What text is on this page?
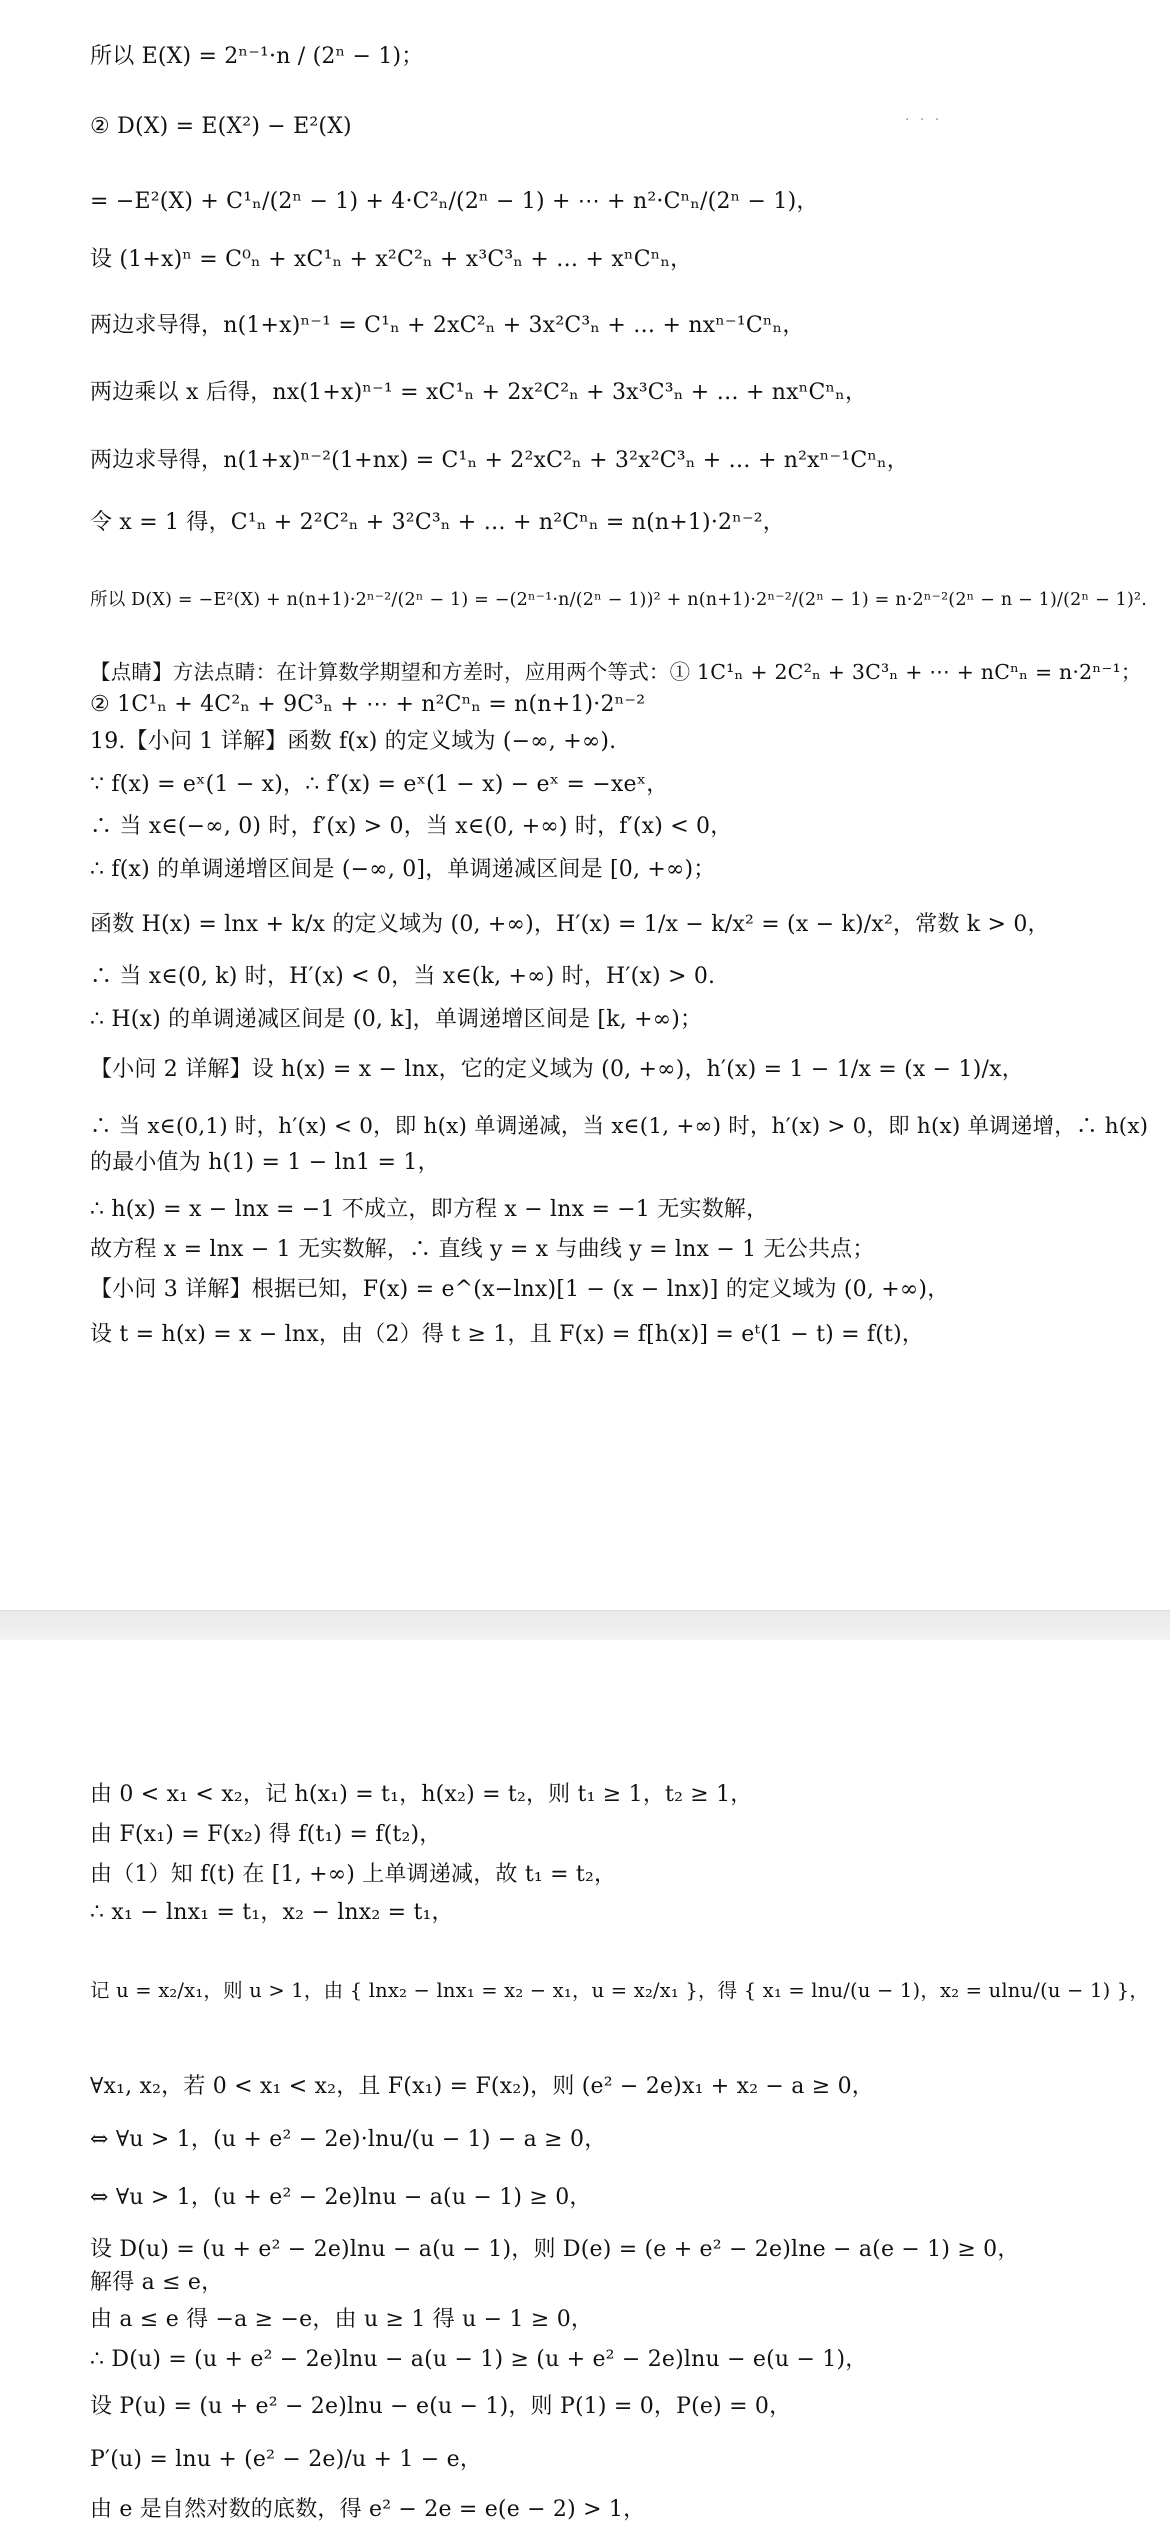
所以 E(X) = 2ⁿ⁻¹·n / (2ⁿ − 1)；
② D(X) = E(X²) − E²(X)	· · ·
= −E²(X) + C¹ₙ/(2ⁿ − 1) + 4·C²ₙ/(2ⁿ − 1) + ⋯ + n²·Cⁿₙ/(2ⁿ − 1)，
设 (1+x)ⁿ = C⁰ₙ + xC¹ₙ + x²C²ₙ + x³C³ₙ + … + xⁿCⁿₙ，
两边求导得，n(1+x)ⁿ⁻¹ = C¹ₙ + 2xC²ₙ + 3x²C³ₙ + … + nxⁿ⁻¹Cⁿₙ，
两边乘以 x 后得，nx(1+x)ⁿ⁻¹ = xC¹ₙ + 2x²C²ₙ + 3x³C³ₙ + … + nxⁿCⁿₙ，
两边求导得，n(1+x)ⁿ⁻²(1+nx) = C¹ₙ + 2²xC²ₙ + 3²x²C³ₙ + … + n²xⁿ⁻¹Cⁿₙ，
令 x = 1 得，C¹ₙ + 2²C²ₙ + 3²C³ₙ + … + n²Cⁿₙ = n(n+1)·2ⁿ⁻²，
所以 D(X) = −E²(X) + n(n+1)·2ⁿ⁻²/(2ⁿ − 1) = −(2ⁿ⁻¹·n/(2ⁿ − 1))² + n(n+1)·2ⁿ⁻²/(2ⁿ − 1) = n·2ⁿ⁻²(2ⁿ − n − 1)/(2ⁿ − 1)².
【点睛】方法点睛：在计算数学期望和方差时，应用两个等式：① 1C¹ₙ + 2C²ₙ + 3C³ₙ + ⋯ + nCⁿₙ = n·2ⁿ⁻¹；
② 1C¹ₙ + 4C²ₙ + 9C³ₙ + ⋯ + n²Cⁿₙ = n(n+1)·2ⁿ⁻²
19.【小问 1 详解】函数 f(x) 的定义域为 (−∞, +∞).
∵ f(x) = eˣ(1 − x)，∴ f′(x) = eˣ(1 − x) − eˣ = −xeˣ，
∴ 当 x∈(−∞, 0) 时，f′(x) > 0，当 x∈(0, +∞) 时，f′(x) < 0，
∴ f(x) 的单调递增区间是 (−∞, 0]，单调递减区间是 [0, +∞)；
函数 H(x) = lnx + k/x 的定义域为 (0, +∞)，H′(x) = 1/x − k/x² = (x − k)/x²，常数 k > 0，
∴ 当 x∈(0, k) 时，H′(x) < 0，当 x∈(k, +∞) 时，H′(x) > 0.
∴ H(x) 的单调递减区间是 (0, k]，单调递增区间是 [k, +∞)；
【小问 2 详解】设 h(x) = x − lnx，它的定义域为 (0, +∞)，h′(x) = 1 − 1/x = (x − 1)/x，
∴ 当 x∈(0,1) 时，h′(x) < 0，即 h(x) 单调递减，当 x∈(1, +∞) 时，h′(x) > 0，即 h(x) 单调递增，∴ h(x)
的最小值为 h(1) = 1 − ln1 = 1，
∴ h(x) = x − lnx = −1 不成立，即方程 x − lnx = −1 无实数解，
故方程 x = lnx − 1 无实数解，∴ 直线 y = x 与曲线 y = lnx − 1 无公共点；
【小问 3 详解】根据已知，F(x) = e^(x−lnx)[1 − (x − lnx)] 的定义域为 (0, +∞)，
设 t = h(x) = x − lnx，由（2）得 t ≥ 1，且 F(x) = f[h(x)] = eᵗ(1 − t) = f(t)，
由 0 < x₁ < x₂，记 h(x₁) = t₁，h(x₂) = t₂，则 t₁ ≥ 1，t₂ ≥ 1，
由 F(x₁) = F(x₂) 得 f(t₁) = f(t₂)，
由（1）知 f(t) 在 [1, +∞) 上单调递减，故 t₁ = t₂，
∴ x₁ − lnx₁ = t₁，x₂ − lnx₂ = t₁，
记 u = x₂/x₁，则 u > 1，由 { lnx₂ − lnx₁ = x₂ − x₁，u = x₂/x₁ }，得 { x₁ = lnu/(u − 1)，x₂ = ulnu/(u − 1) }，
∀x₁, x₂，若 0 < x₁ < x₂，且 F(x₁) = F(x₂)，则 (e² − 2e)x₁ + x₂ − a ≥ 0，
⇔ ∀u > 1，(u + e² − 2e)·lnu/(u − 1) − a ≥ 0，
⇔ ∀u > 1，(u + e² − 2e)lnu − a(u − 1) ≥ 0，
设 D(u) = (u + e² − 2e)lnu − a(u − 1)，则 D(e) = (e + e² − 2e)lne − a(e − 1) ≥ 0，
解得 a ≤ e，
由 a ≤ e 得 −a ≥ −e，由 u ≥ 1 得 u − 1 ≥ 0，
∴ D(u) = (u + e² − 2e)lnu − a(u − 1) ≥ (u + e² − 2e)lnu − e(u − 1)，
设 P(u) = (u + e² − 2e)lnu − e(u − 1)，则 P(1) = 0，P(e) = 0，
P′(u) = lnu + (e² − 2e)/u + 1 − e，
由 e 是自然对数的底数，得 e² − 2e = e(e − 2) > 1，
